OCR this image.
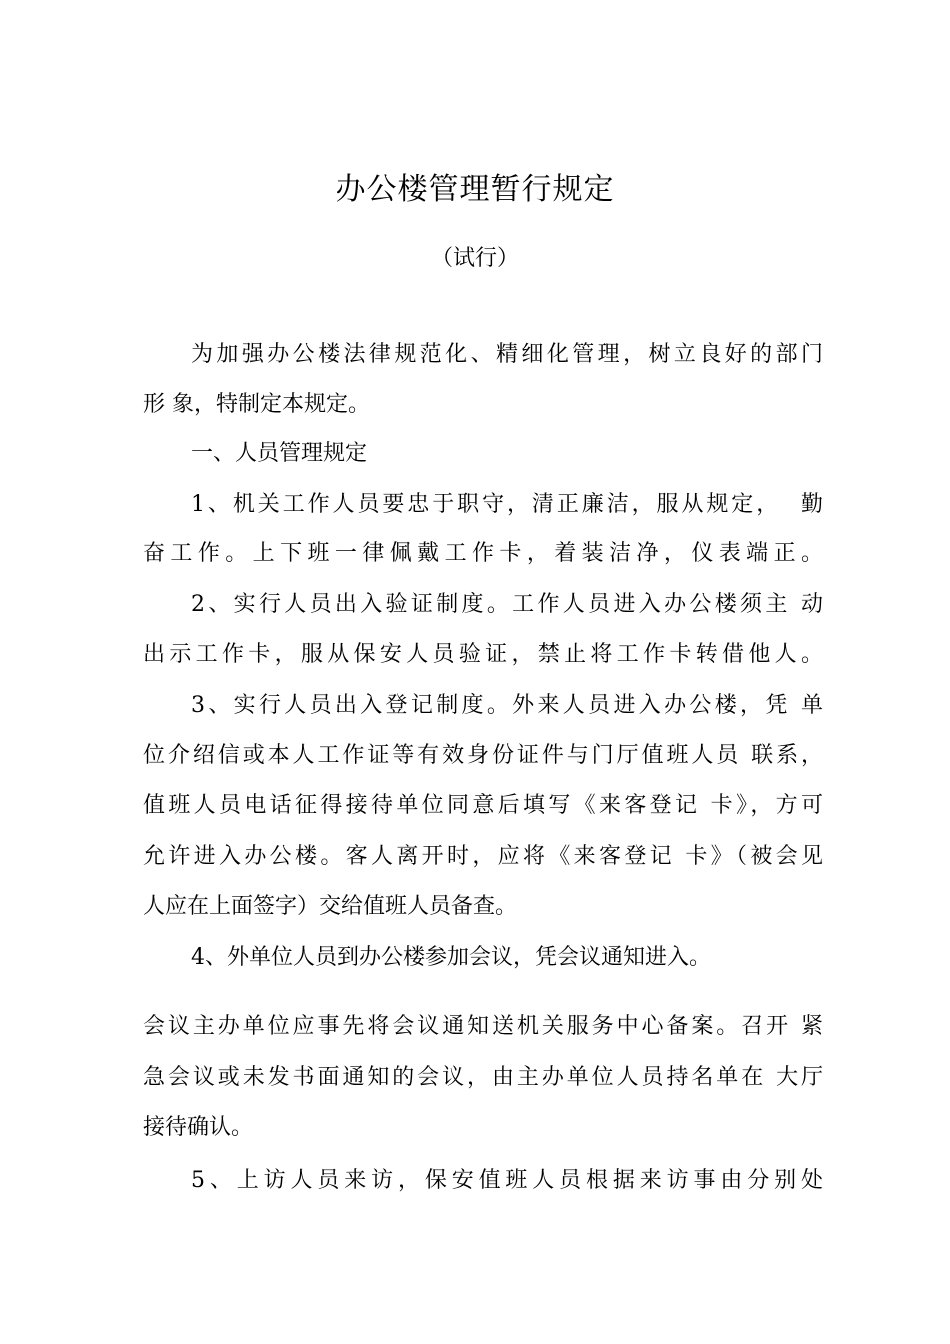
办公楼管理暂行规定
（试行）
为加强办公楼法律规范化、精细化管理，树立良好的部门
形 象，特制定本规定。
一、人员管理规定
1、机关工作人员要忠于职守，清正廉洁，服从规定，  勤
奋工作。上下班一律佩戴工作卡，着装洁净，仪表端正。
2、实行人员出入验证制度。工作人员进入办公楼须主 动
出示工作卡，服从保安人员验证，禁止将工作卡转借他人。
3、实行人员出入登记制度。外来人员进入办公楼，凭 单
位介绍信或本人工作证等有效身份证件与门厅值班人员 联系，
值班人员电话征得接待单位同意后填写《来客登记 卡》，方可
允许进入办公楼。客人离开时，应将《来客登记 卡》（被会见
人应在上面签字）交给值班人员备查。
4、外单位人员到办公楼参加会议，凭会议通知进入。
会议主办单位应事先将会议通知送机关服务中心备案。召开 紧
急会议或未发书面通知的会议，由主办单位人员持名单在 大厅
接待确认。
5、上访人员来访，保安值班人员根据来访事由分别处
